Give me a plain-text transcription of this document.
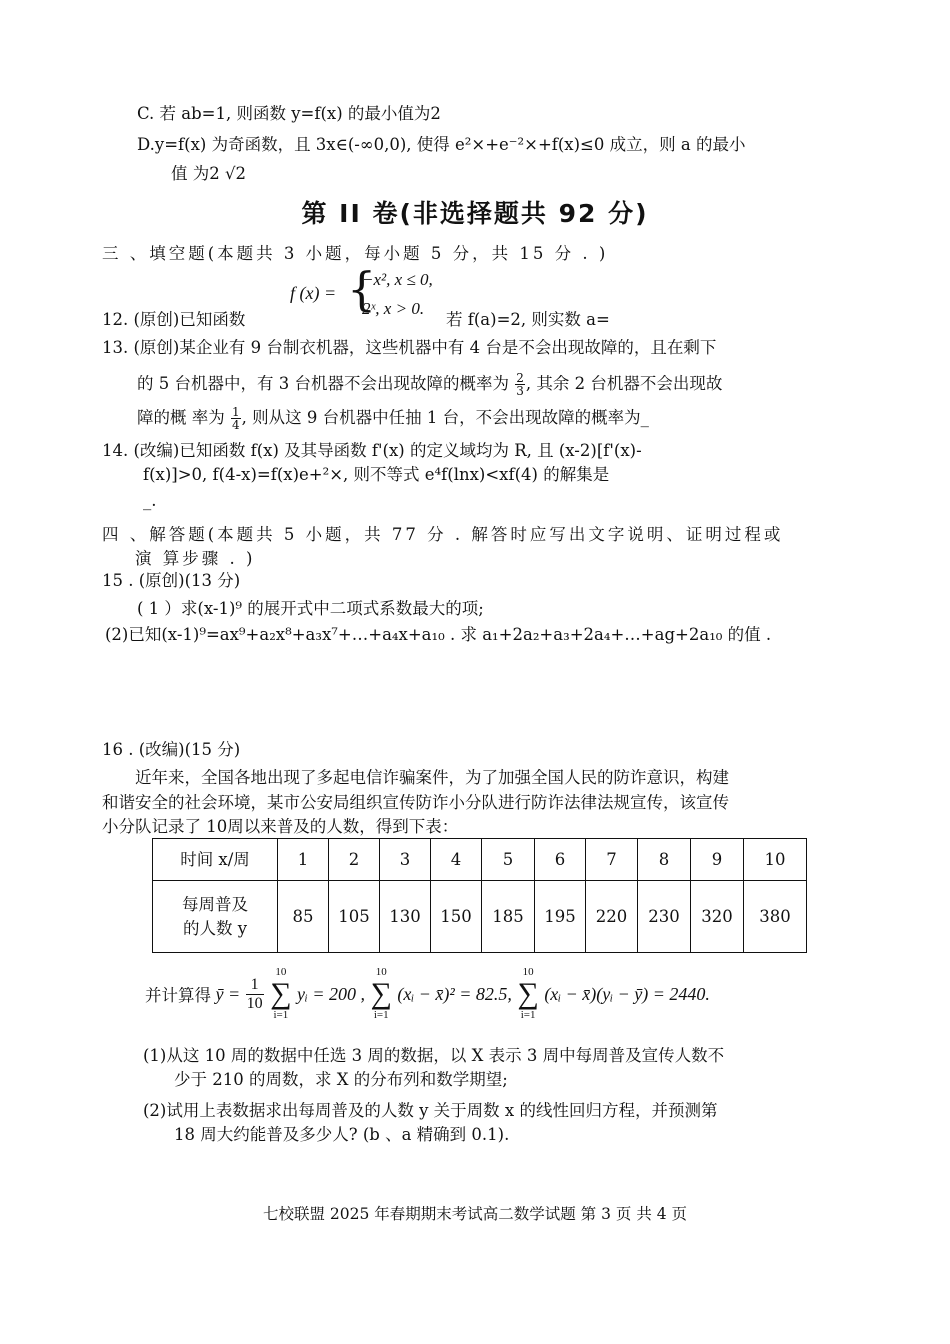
C. 若 ab=1, 则函数 y=f(x) 的最小值为2
D.y=f(x) 为奇函数，且 3x∈(-∞0,0), 使得 e²×+e⁻²×+f(x)≤0 成立，则 a 的最小
值 为2 √2
第 II 卷(非选择题共 92 分)
三 、填空题(本题共 3 小题，每小题 5 分，共 15 分 . )
f (x) = {
−x², x ≤ 0,
2ˣ, x > 0.
12. (原创)已知函数	若 f(a)=2, 则实数 a=
13. (原创)某企业有 9 台制衣机器，这些机器中有 4 台是不会出现故障的，且在剩下
的 5 台机器中，有 3 台机器不会出现故障的概率为 $\frac{2}{3}$ , 其余 2 台机器不会出现故
障的概 率为 $\frac{1}{4}$ , 则从这 9 台机器中任抽 1 台，不会出现故障的概率为_
14. (改编)已知函数 f(x) 及其导函数 f'(x) 的定义域均为 R, 且 (x-2)[f'(x)-
f(x)]>0, f(4-x)=f(x)e+²×, 则不等式 e⁴f(lnx)<xf(4) 的解集是
_.
四 、解答题(本题共 5 小题，共 77 分 . 解答时应写出文字说明、证明过程或
演 算步骤 . )
15 . (原创)(13 分)
( 1 ）求(x-1)⁹ 的展开式中二项式系数最大的项;
(2)已知(x-1)⁹=ax⁹+a₂x⁸+a₃x⁷+…+a₄x+a₁₀ . 求 a₁+2a₂+a₃+2a₄+…+ag+2a₁₀ 的值 .
16 . (改编)(15 分)
近年来，全国各地出现了多起电信诈骗案件，为了加强全国人民的防诈意识，构建
和谐安全的社会环境，某市公安局组织宣传防诈小分队进行防诈法律法规宣传，该宣传
小分队记录了 10周以来普及的人数，得到下表：
时间 x/周	1	2	3	4	5	6	7	8	9	10

每周普及
的人数 y	85	105	130	150	185	195	220	230	320	380
并计算得 ȳ = $\frac{1}{10}$

10
∑
i=1
yᵢ = 200 ,
10
∑
i=1
(xᵢ − x̄)² = 82.5,
10
∑
i=1
(xᵢ − x̄)(yᵢ − ȳ) = 2440.
(1)从这 10 周的数据中任选 3 周的数据，以 X 表示 3 周中每周普及宣传人数不
少于 210 的周数，求 X 的分布列和数学期望;
(2)试用上表数据求出每周普及的人数 y 关于周数 x 的线性回归方程，并预测第
18 周大约能普及多少人? (b 、a 精确到 0.1).
七校联盟 2025 年春期期末考试高二数学试题 第 3 页 共 4 页
